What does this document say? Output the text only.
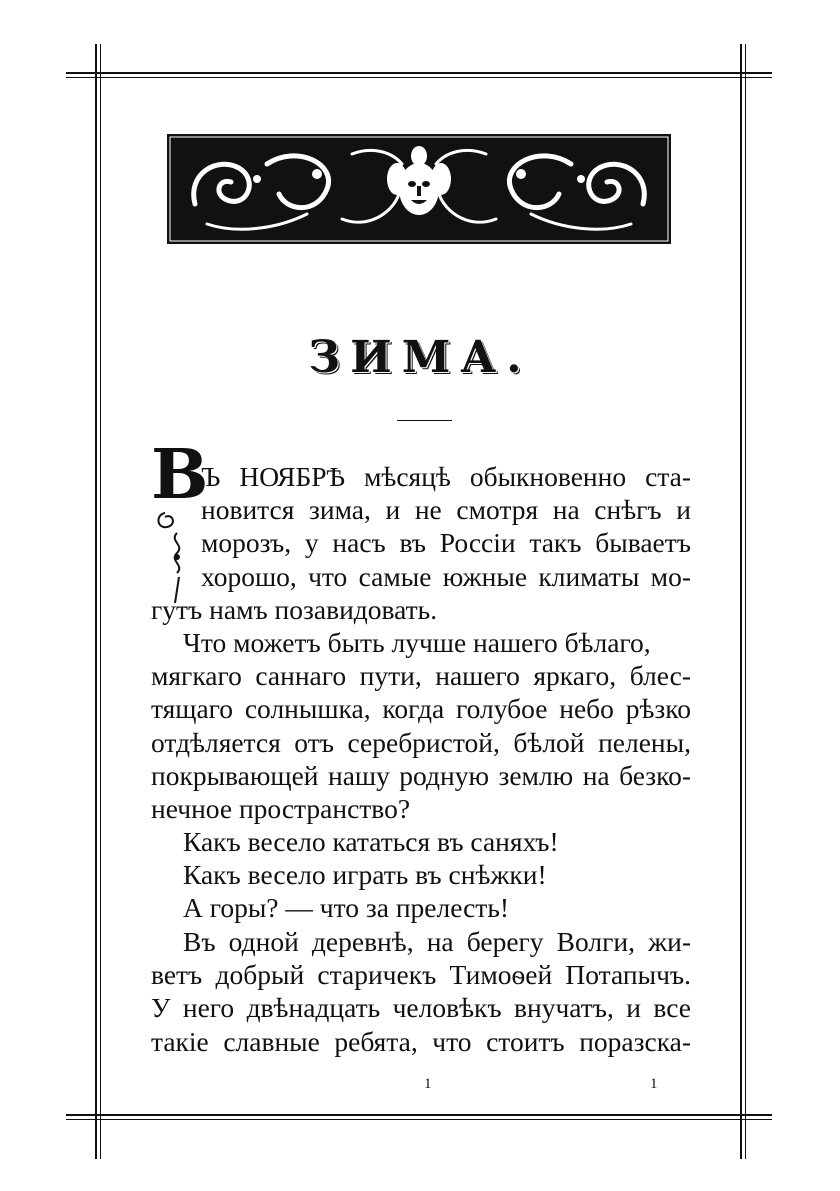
ЗИМА.
В
Ъ НОЯБРѢ мѣсяцѣ обыкновенно ста-
новится зима, и не смотря на снѣгъ и
морозъ, у насъ въ Россіи такъ бываетъ
хорошо, что самые южные климаты мо-
гутъ намъ позавидовать.
Что можетъ быть лучше нашего бѣлаго,
мягкаго саннаго пути, нашего яркаго, блес-
тящаго солнышка, когда голубое небо рѣзко
отдѣляется отъ серебристой, бѣлой пелены,
покрывающей нашу родную землю на безко-
нечное пространство?
Какъ весело кататься въ саняхъ!
Какъ весело играть въ снѣжки!
А горы? — что за прелесть!
Въ одной деревнѣ, на берегу Волги, жи-
ветъ добрый старичекъ Тимоѳей Потапычъ.
У него двѣнадцать человѣкъ внучатъ, и все
такіе славные ребята, что стоитъ поразска-
1	1
